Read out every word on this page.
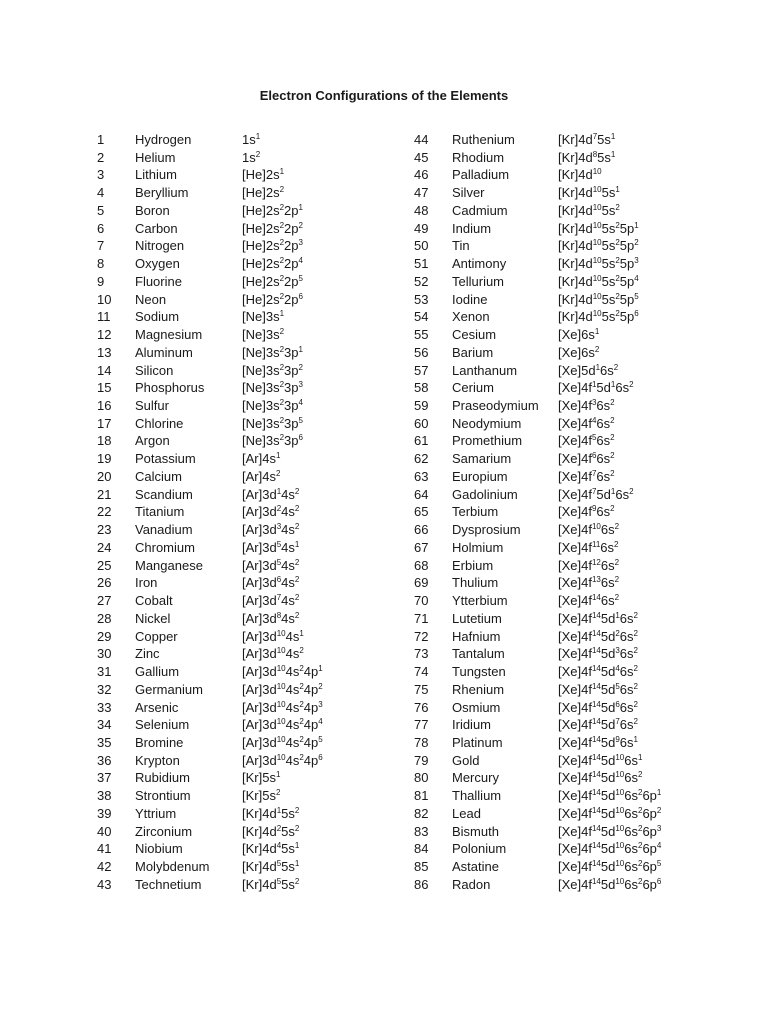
Electron Configurations of the Elements
1 Hydrogen	$1s^1$
2 Helium	$1s^2$
3 Lithium	$[He]2s^1$
4 Beryllium	$[He]2s^2$
5 Boron	$[He]2s^22p^1$
6 Carbon	$[He]2s^22p^2$
7 Nitrogen	$[He]2s^22p^3$
8 Oxygen	$[He]2s^22p^4$
9 Fluorine	$[He]2s^22p^5$
10 Neon	$[He]2s^22p^6$
11 Sodium	$[Ne]3s^1$
12 Magnesium	$[Ne]3s^2$
13 Aluminum	$[Ne]3s^23p^1$
14 Silicon	$[Ne]3s^23p^2$
15 Phosphorus	$[Ne]3s^23p^3$
16 Sulfur	$[Ne]3s^23p^4$
17 Chlorine	$[Ne]3s^23p^5$
18 Argon	$[Ne]3s^23p^6$
19 Potassium	$[Ar]4s^1$
20 Calcium	$[Ar]4s^2$
21 Scandium	$[Ar]3d^14s^2$
22 Titanium	$[Ar]3d^24s^2$
23 Vanadium	$[Ar]3d^34s^2$
24 Chromium	$[Ar]3d^54s^1$
25 Manganese	$[Ar]3d^54s^2$
26 Iron	$[Ar]3d^64s^2$
27 Cobalt	$[Ar]3d^74s^2$
28 Nickel	$[Ar]3d^84s^2$
29 Copper	$[Ar]3d^{10}4s^1$
30 Zinc	$[Ar]3d^{10}4s^2$
31 Gallium	$[Ar]3d^{10}4s^24p^1$
32 Germanium	$[Ar]3d^{10}4s^24p^2$
33 Arsenic	$[Ar]3d^{10}4s^24p^3$
34 Selenium	$[Ar]3d^{10}4s^24p^4$
35 Bromine	$[Ar]3d^{10}4s^24p^5$
36 Krypton	$[Ar]3d^{10}4s^24p^6$
37 Rubidium	$[Kr]5s^1$
38 Strontium	$[Kr]5s^2$
39 Yttrium	$[Kr]4d^15s^2$
40 Zirconium	$[Kr]4d^25s^2$
41 Niobium	$[Kr]4d^45s^1$
42 Molybdenum	$[Kr]4d^55s^1$
43 Technetium	$[Kr]4d^55s^2$
44 Ruthenium	$[Kr]4d^75s^1$
45 Rhodium	$[Kr]4d^85s^1$
46 Palladium	$[Kr]4d^{10}$
47 Silver	$[Kr]4d^{10}5s^1$
48 Cadmium	$[Kr]4d^{10}5s^2$
49 Indium	$[Kr]4d^{10}5s^25p^1$
50 Tin	$[Kr]4d^{10}5s^25p^2$
51 Antimony	$[Kr]4d^{10}5s^25p^3$
52 Tellurium	$[Kr]4d^{10}5s^25p^4$
53 Iodine	$[Kr]4d^{10}5s^25p^5$
54 Xenon	$[Kr]4d^{10}5s^25p^6$
55 Cesium	$[Xe]6s^1$
56 Barium	$[Xe]6s^2$
57 Lanthanum	$[Xe]5d^16s^2$
58 Cerium	$[Xe]4f^15d^16s^2$
59 Praseodymium $[Xe]4f^36s^2$
60 Neodymium	$[Xe]4f^46s^2$
61 Promethium	$[Xe]4f^56s^2$
62 Samarium	$[Xe]4f^66s^2$
63 Europium	$[Xe]4f^76s^2$
64 Gadolinium	$[Xe]4f^75d^16s^2$
65 Terbium	$[Xe]4f^96s^2$
66 Dysprosium	$[Xe]4f^{10}6s^2$
67 Holmium	$[Xe]4f^{11}6s^2$
68 Erbium	$[Xe]4f^{12}6s^2$
69 Thulium	$[Xe]4f^{13}6s^2$
70 Ytterbium	$[Xe]4f^{14}6s^2$
71 Lutetium	$[Xe]4f^{14}5d^16s^2$
72 Hafnium	$[Xe]4f^{14}5d^26s^2$
73 Tantalum	$[Xe]4f^{14}5d^36s^2$
74 Tungsten	$[Xe]4f^{14}5d^46s^2$
75 Rhenium	$[Xe]4f^{14}5d^56s^2$
76 Osmium	$[Xe]4f^{14}5d^66s^2$
77 Iridium	$[Xe]4f^{14}5d^76s^2$
78 Platinum	$[Xe]4f^{14}5d^96s^1$
79 Gold	$[Xe]4f^{14}5d^{10}6s^1$
80 Mercury	$[Xe]4f^{14}5d^{10}6s^2$
81 Thallium	$[Xe]4f^{14}5d^{10}6s^26p^1$
82 Lead	$[Xe]4f^{14}5d^{10}6s^26p^2$
83 Bismuth	$[Xe]4f^{14}5d^{10}6s^26p^3$
84 Polonium	$[Xe]4f^{14}5d^{10}6s^26p^4$
85 Astatine	$[Xe]4f^{14}5d^{10}6s^26p^5$
86 Radon	$[Xe]4f^{14}5d^{10}6s^26p^6$
